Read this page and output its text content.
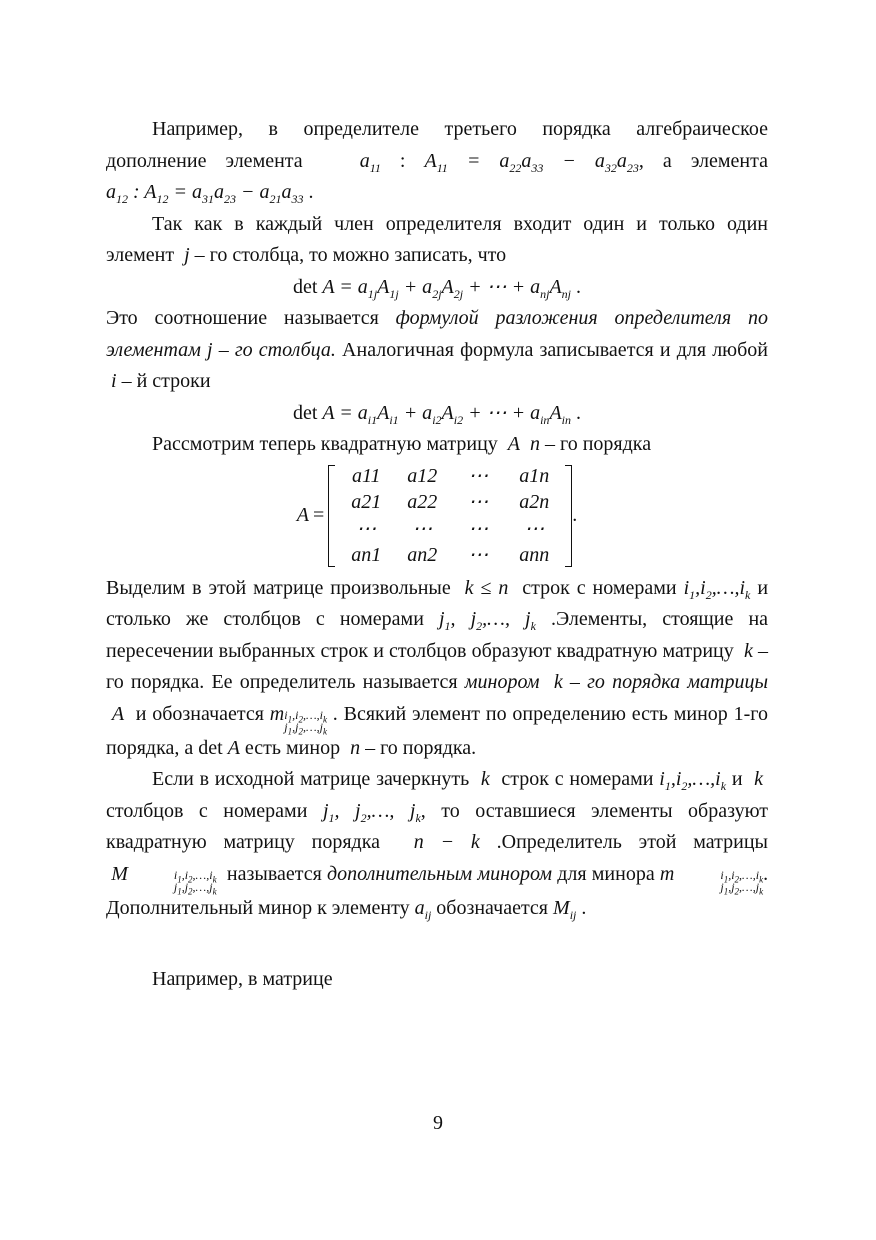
Например, в определителе третьего порядка алгебраическое дополнение элемента	$a_{11}$ : $A_{11} = a_{22}a_{33} - a_{32}a_{23}$, а элемента $a_{12}$ : $A_{12} = a_{31}a_{23} - a_{21}a_{33}$ .

Так как в каждый член определителя входит один и только один элемент j – го столбца, то можно записать, что

$\det A = a_{1j}A_{1j} + a_{2j}A_{2j}$ + ⋯ + $a_{nj}A_{nj}$ .

Это соотношение называется формулой разложения определителя по элементам j – го столбца. Аналогичная формула записывается и для любой  i – й строки

$\det A = a_{i1}A_{i1} + a_{i2}A_{i2}$ + ⋯ + $a_{in}A_{in}$ .

Рассмотрим теперь квадратную матрицу A n – го порядка

A =
a11	a12	⋯	a1n
a21	a22	⋯	a2n
⋯	⋯	⋯	⋯
an1	an2	⋯	ann
.

Выделим в этой матрице произвольные k ≤ n строк с номерами $i_1,i_2,\dots,i_k$ и столько же столбцов с номерами $j_1$, $j_2,\dots$, $j_k$ .Элементы, стоящие на пересечении выбранных строк и столбцов образуют квадратную матрицу k – го порядка. Ее определитель называется минором k – го порядка матрицы  A и обозначается m $i_1,i_2,\dots,i_k$
$j_1,j_2,\dots,j_k$
. Всякий элемент по определению есть минор 1-го порядка, а det A есть минор n – го порядка.

Если в исходной матрице зачеркнуть k строк с номерами $i_1,i_2,\dots,i_k$ и k  столбцов с номерами $j_1$, $j_2,\dots$, $j_k$, то оставшиеся элементы образуют квадратную матрицу порядка n − k .Определитель этой матрицы  M	$i_1,i_2,\dots,i_k$
$j_1,j_2,\dots,j_k$
называется дополнительным минором для минора m	$i_1,i_2,\dots,i_k$
$j_1,j_2,\dots,j_k$
. Дополнительный минор к элементу $a_{ij}$ обозначается $M_{ij}$ .

Например, в матрице

9
